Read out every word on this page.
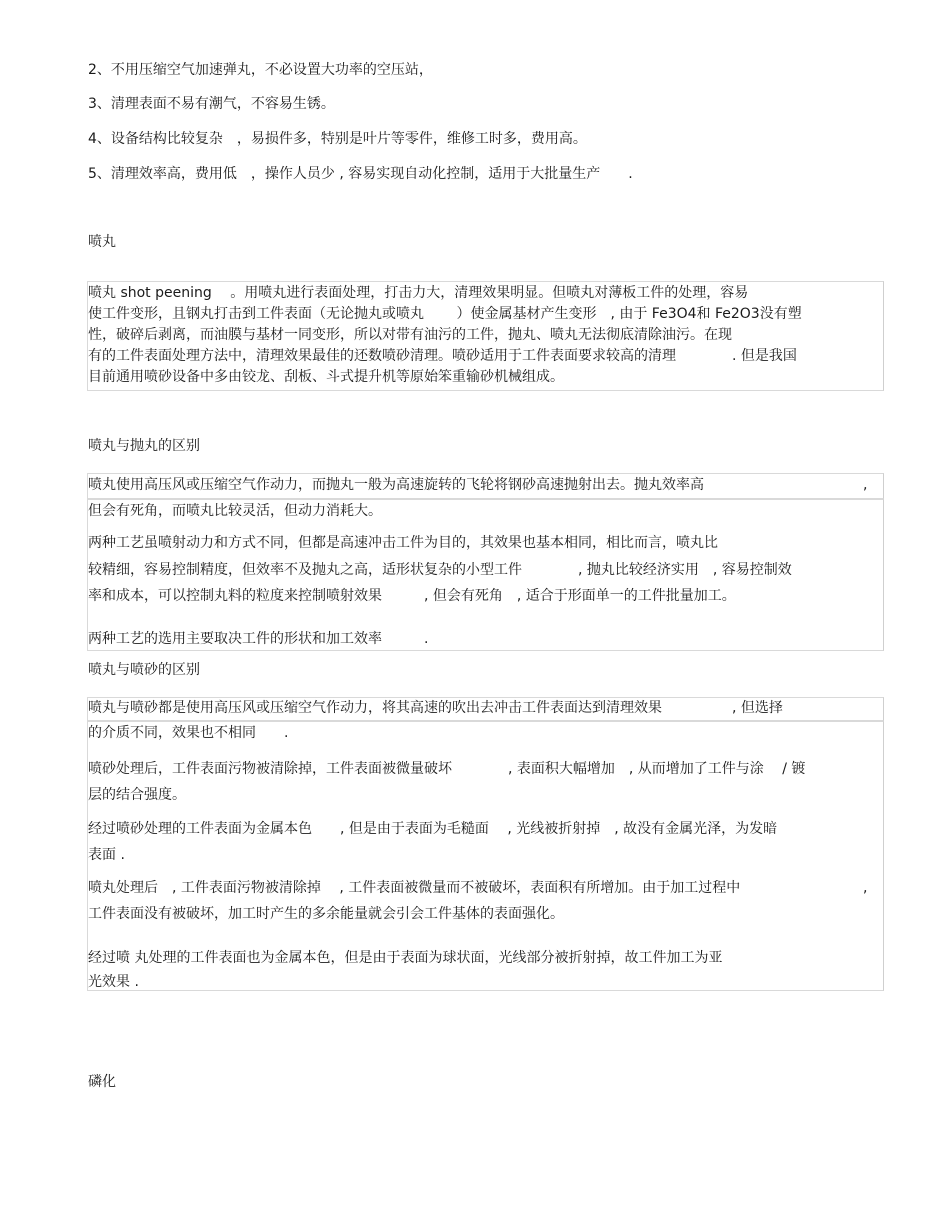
2、不用压缩空气加速弹丸，不必设置大功率的空压站，
3、清理表面不易有潮气，不容易生锈。
4、设备结构比较复杂　，易损件多，特别是叶片等零件，维修工时多，费用高。
5、清理效率高，费用低　，操作人员少 , 容易实现自动化控制，适用于大批量生产　　.
喷丸
喷丸 shot peening　 。用喷丸进行表面处理，打击力大，清理效果明显。但喷丸对薄板工件的处理，容易
使工件变形，且钢丸打击到工件表面（无论抛丸或喷丸　　 ）使金属基材产生变形　, 由于 Fe3O4和 Fe2O3没有塑
性，破碎后剥离，而油膜与基材一同变形，所以对带有油污的工件，抛丸、喷丸无法彻底清除油污。在现
有的工件表面处理方法中，清理效果最佳的还数喷砂清理。喷砂适用于工件表面要求较高的清理　　　　. 但是我国
目前通用喷砂设备中多由铰龙、刮板、斗式提升机等原始笨重输砂机械组成。
喷丸与抛丸的区别
喷丸使用高压风或压缩空气作动力，而抛丸一般为高速旋转的飞轮将钢砂高速抛射出去。抛丸效率高	,
但会有死角，而喷丸比较灵活，但动力消耗大。
两种工艺虽喷射动力和方式不同，但都是高速冲击工件为目的，其效果也基本相同，相比而言，喷丸比
较精细，容易控制精度，但效率不及抛丸之高，适形状复杂的小型工件　　　　, 抛丸比较经济实用　, 容易控制效
率和成本，可以控制丸料的粒度来控制喷射效果　　　, 但会有死角　, 适合于形面单一的工件批量加工。
两种工艺的选用主要取决工件的形状和加工效率　　　.
喷丸与喷砂的区别
喷丸与喷砂都是使用高压风或压缩空气作动力，将其高速的吹出去冲击工件表面达到清理效果　　　　　, 但选择
的介质不同，效果也不相同　　.
喷砂处理后，工件表面污物被清除掉，工件表面被微量破坏　　　　, 表面积大幅增加　, 从而增加了工件与涂　 / 镀
层的结合强度。
经过喷砂处理的工件表面为金属本色　　, 但是由于表面为毛糙面　 , 光线被折射掉　, 故没有金属光泽，为发暗
表面 .
喷丸处理后　, 工件表面污物被清除掉　 , 工件表面被微量而不被破坏，表面积有所增加。由于加工过程中	,
工件表面没有被破坏，加工时产生的多余能量就会引会工件基体的表面强化。
经过喷 丸处理的工件表面也为金属本色，但是由于表面为球状面，光线部分被折射掉，故工件加工为亚
光效果 .
磷化
